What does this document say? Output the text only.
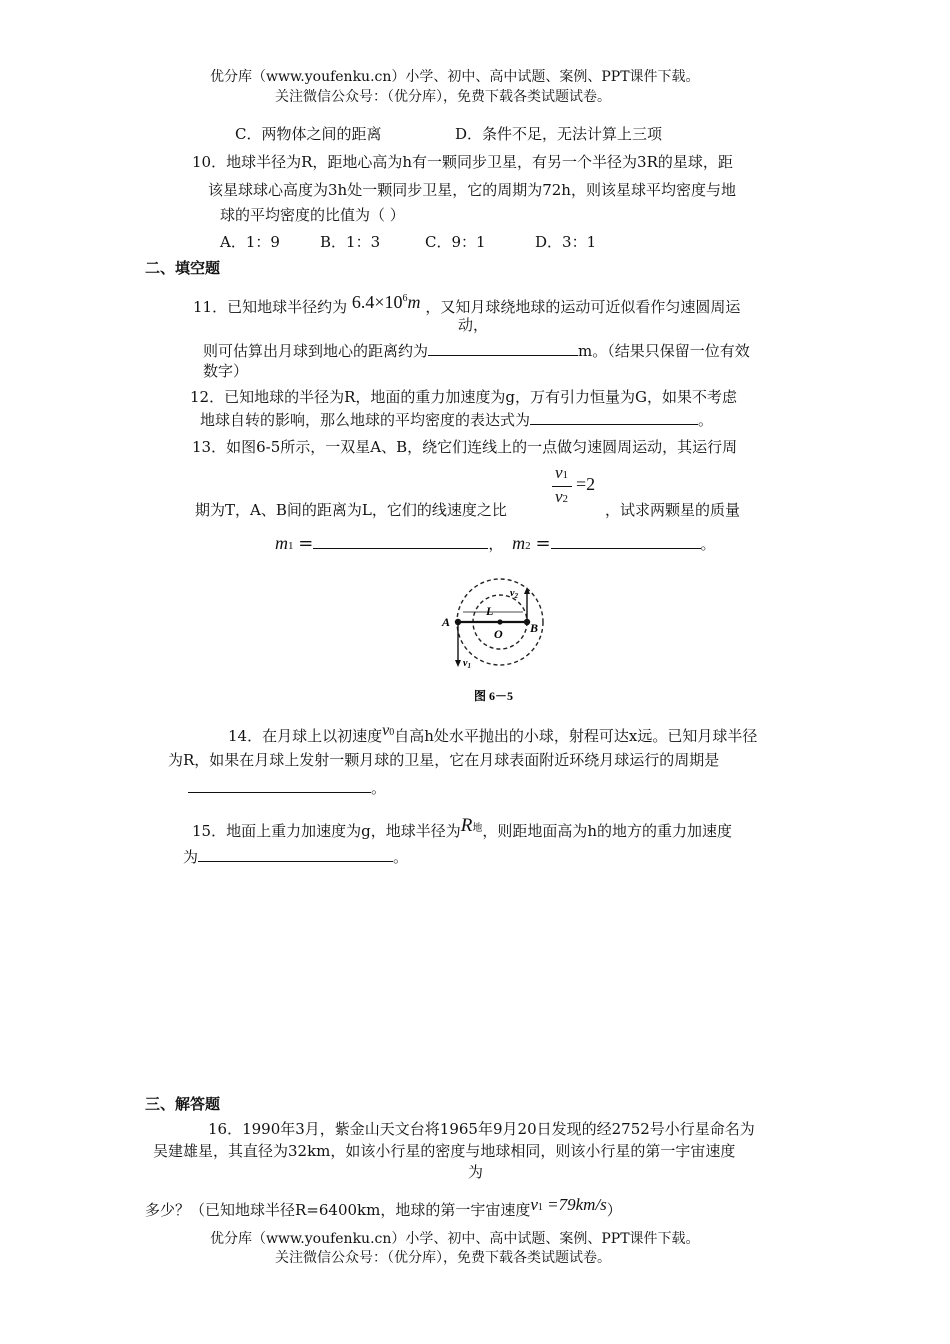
优分库（www.youfenku.cn）小学、初中、高中试题、案例、PPT课件下载。
关注微信公众号：（优分库），免费下载各类试题试卷。
C．两物体之间的距离	D．条件不足，无法计算上三项
10．地球半径为R，距地心高为h有一颗同步卫星，有另一个半径为3R的星球，距
该星球球心高度为3h处一颗同步卫星，它的周期为72h，则该星球平均密度与地
球的平均密度的比值为（ ）
A．1：9	B．1：3	C．9：1	D．3：1
二、填空题
11．已知地球半径约为 $6.4\times 10^6m$ ，又知月球绕地球的运动可近似看作匀速圆周运
动，
则可估算出月球到地心的距离约为	m。（结果只保留一位有效
数字）
12．已知地球的半径为R，地面的重力加速度为g，万有引力恒量为G，如果不考虑
地球自转的影响，那么地球的平均密度的表达式为	。
13．如图6-5所示，一双星A、B，绕它们连线上的一点做匀速圆周运动，其运行周
v1
v2
=2
期为T，A、B间的距离为L，它们的线速度之比	，试求两颗星的质量
m1 =	， m2 =	。
A	B
O
L
$v_1$
$v_2$
图 6－5
14．在月球上以初速度v0自高h处水平抛出的小球，射程可达x远。已知月球半径
为R，如果在月球上发射一颗月球的卫星，它在月球表面附近环绕月球运行的周期是
。
15．地面上重力加速度为g，地球半径为R地，则距地面高为h的地方的重力加速度
为	。
三、解答题
16．1990年3月，紫金山天文台将1965年9月20日发现的经2752号小行星命名为
吴建雄星，其直径为32km，如该小行星的密度与地球相同，则该小行星的第一宇宙速度
为
多少？（已知地球半径R=6400km，地球的第一宇宙速度v1 =79km/s）
优分库（www.youfenku.cn）小学、初中、高中试题、案例、PPT课件下载。
关注微信公众号：（优分库），免费下载各类试题试卷。
